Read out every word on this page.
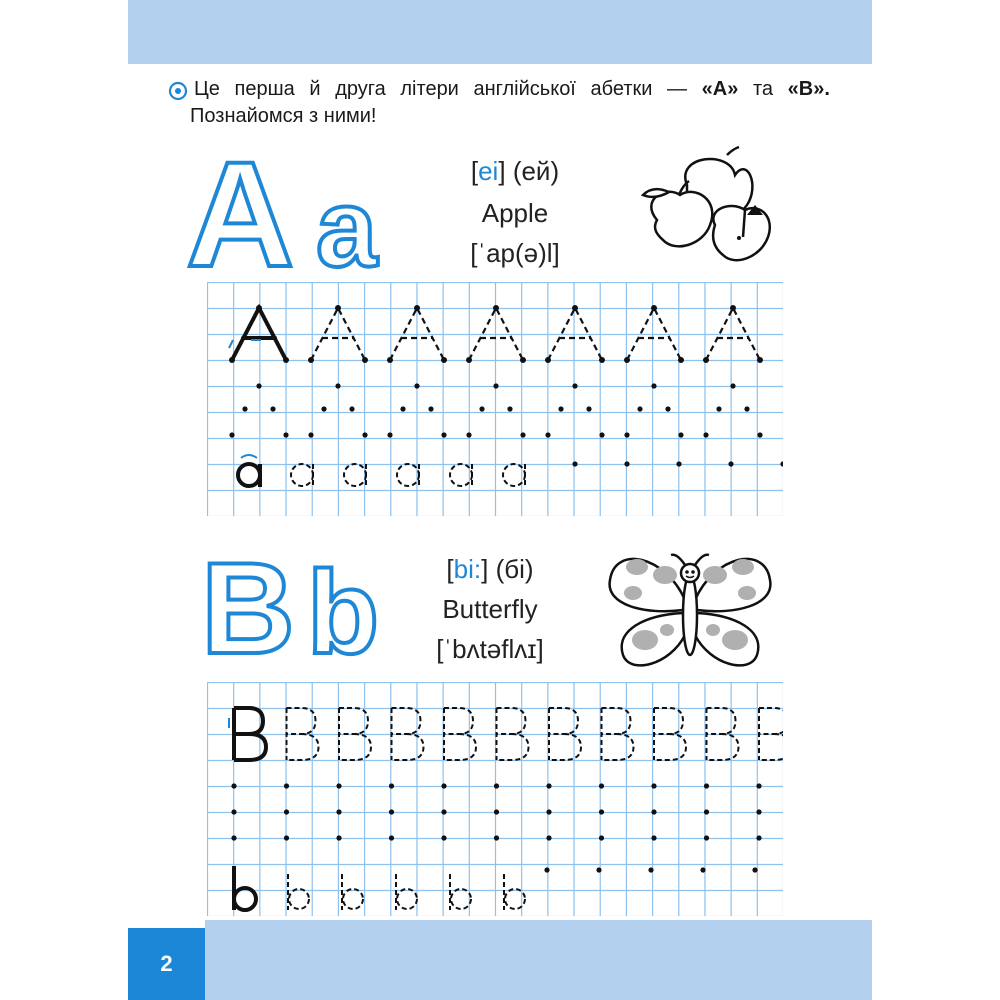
Це перша й друга літери англійської абетки — «A» та «B».
Познайомся з ними!
A a	[ei] (ей)
Apple
[ˈap(ə)l]
B b	[bi:] (бі)
Butterfly
[ˈbʌtəflʌɪ]
2
